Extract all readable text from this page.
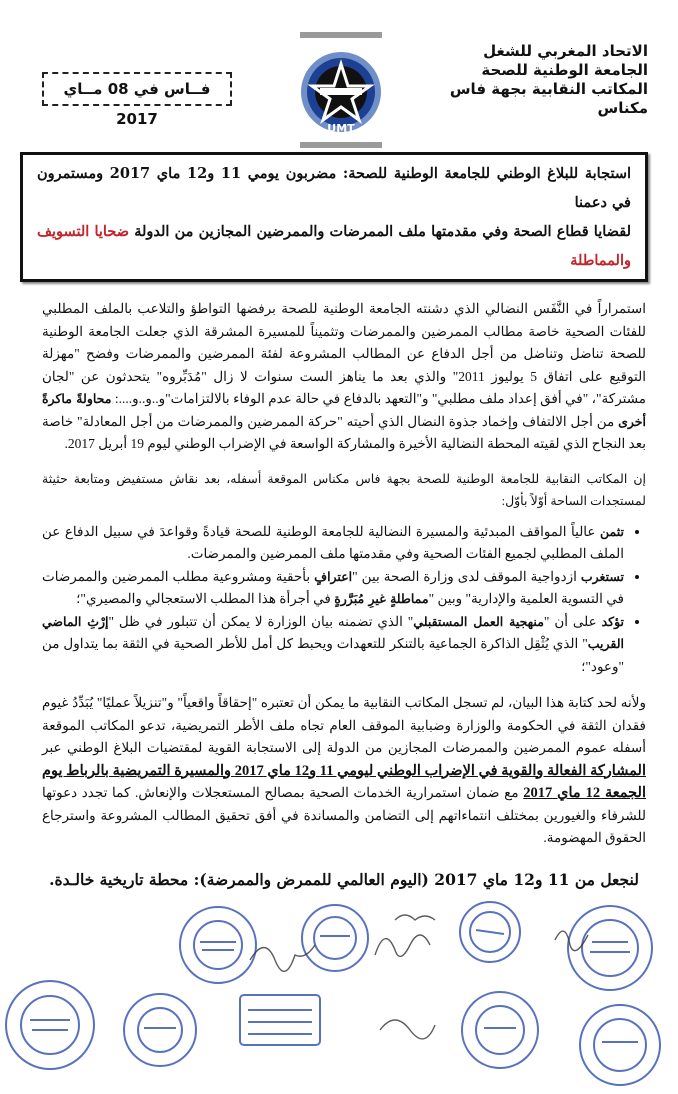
الاتحاد المغربي للشغل
الجامعة الوطنية للصحة
المكاتب النقابية بجهة فاس مكناس
UMT
فــاس في 08 مــاي 2017
استجابة للبلاغ الوطني للجامعة الوطنية للصحة: مضربون يومي 11 و12 ماي 2017 ومستمرون في دعمنا
لقضايا قطاع الصحة وفي مقدمتها ملف الممرضات والممرضين المجازين من الدولة ضحايا التسويف والمماطلة
استمراراً في النَّفَس النضالي الذي دشنته الجامعة الوطنية للصحة برفضها التواطؤ والتلاعب بالملف المطلبي للفئات الصحية خاصة مطالب الممرضين والممرضات وتثميناً للمسيرة المشرقة الذي جعلت الجامعة الوطنية للصحة تناضل وتناضل من أجل الدفاع عن المطالب المشروعة لفئة الممرضين والممرضات وفضح "مهزلة التوقيع على اتفاق 5 يوليوز 2011" والذي بعد ما يناهز الست سنوات لا زال "مُدَبِّروه" يتحدثون عن "لجان مشتركة"، "في أفق إعداد ملف مطلبي" و"التعهد بالدفاع في حالة عدم الوفاء بالالتزامات"و..و..و....: محاولةً ماكرةً أخرى من أجل الالتفاف وإخماد جذوة النضال الذي أحيته "حركة الممرضين والممرضات من أجل المعادلة" خاصة بعد النجاح الذي لقيته المحطة النضالية الأخيرة والمشاركة الواسعة في الإضراب الوطني ليوم 19 أبريل 2017.
إن المكاتب النقابية للجامعة الوطنية للصحة بجهة فاس مكناس الموقعة أسفله، بعد نقاش مستفيض ومتابعة حثيثة لمستجدات الساحة أوّلاً بأوّل:
• تثمن عالياً المواقف المبدئية والمسيرة النضالية للجامعة الوطنية للصحة قيادةً وقواعدَ في سبيل الدفاع عن الملف المطلبي لجميع الفئات الصحية وفي مقدمتها ملف الممرضين والممرضات.
• تستغرب ازدواجية الموقف لدى وزارة الصحة بين "اعترافٍ بأحقية ومشروعية مطلب الممرضين والممرضات في التسوية العلمية والإدارية" وبين "مماطلةٍ غيرِ مُبَرَّرةٍ في أجرأة هذا المطلب الاستعجالي والمصيري"؛
• تؤكد على أن "منهجية العمل المستقبلي" الذي تضمنه بيان الوزارة لا يمكن أن تتبلور في ظل "إرْثِ الماضي القريب" الذي يُثْقِل الذاكرة الجماعية بالتنكر للتعهدات ويحبط كل أمل للأطر الصحية في الثقة بما يتداول من "وعود"؛
ولأنه لحد كتابة هذا البيان، لم تسجل المكاتب النقابية ما يمكن أن تعتبره "إحقاقاً واقعياً" و"تنزيلاً عمليًا" يُبَدِّدُ غيوم فقدان الثقة في الحكومة والوزارة وضبابية الموقف العام تجاه ملف الأطر التمريضية، تدعو المكاتب الموقعة أسفله عموم الممرضين والممرضات المجازين من الدولة إلى الاستجابة القوية لمقتضيات البلاغ الوطني عبر المشاركة الفعالة والقوية في الإضراب الوطني ليومي 11 و12 ماي 2017 والمسيرة التمريضية بالرباط يوم الجمعة 12 ماي 2017 مع ضمان استمرارية الخدمات الصحية بمصالح المستعجلات والإنعاش. كما تجدد دعوتها للشرفاء والغيورين بمختلف انتماءاتهم إلى التضامن والمساندة في أفق تحقيق المطالب المشروعة واسترجاع الحقوق المهضومة.
لنجعل من 11 و12 ماي 2017 (اليوم العالمي للممرض والممرضة): محطة تاريخية خالـدة.
